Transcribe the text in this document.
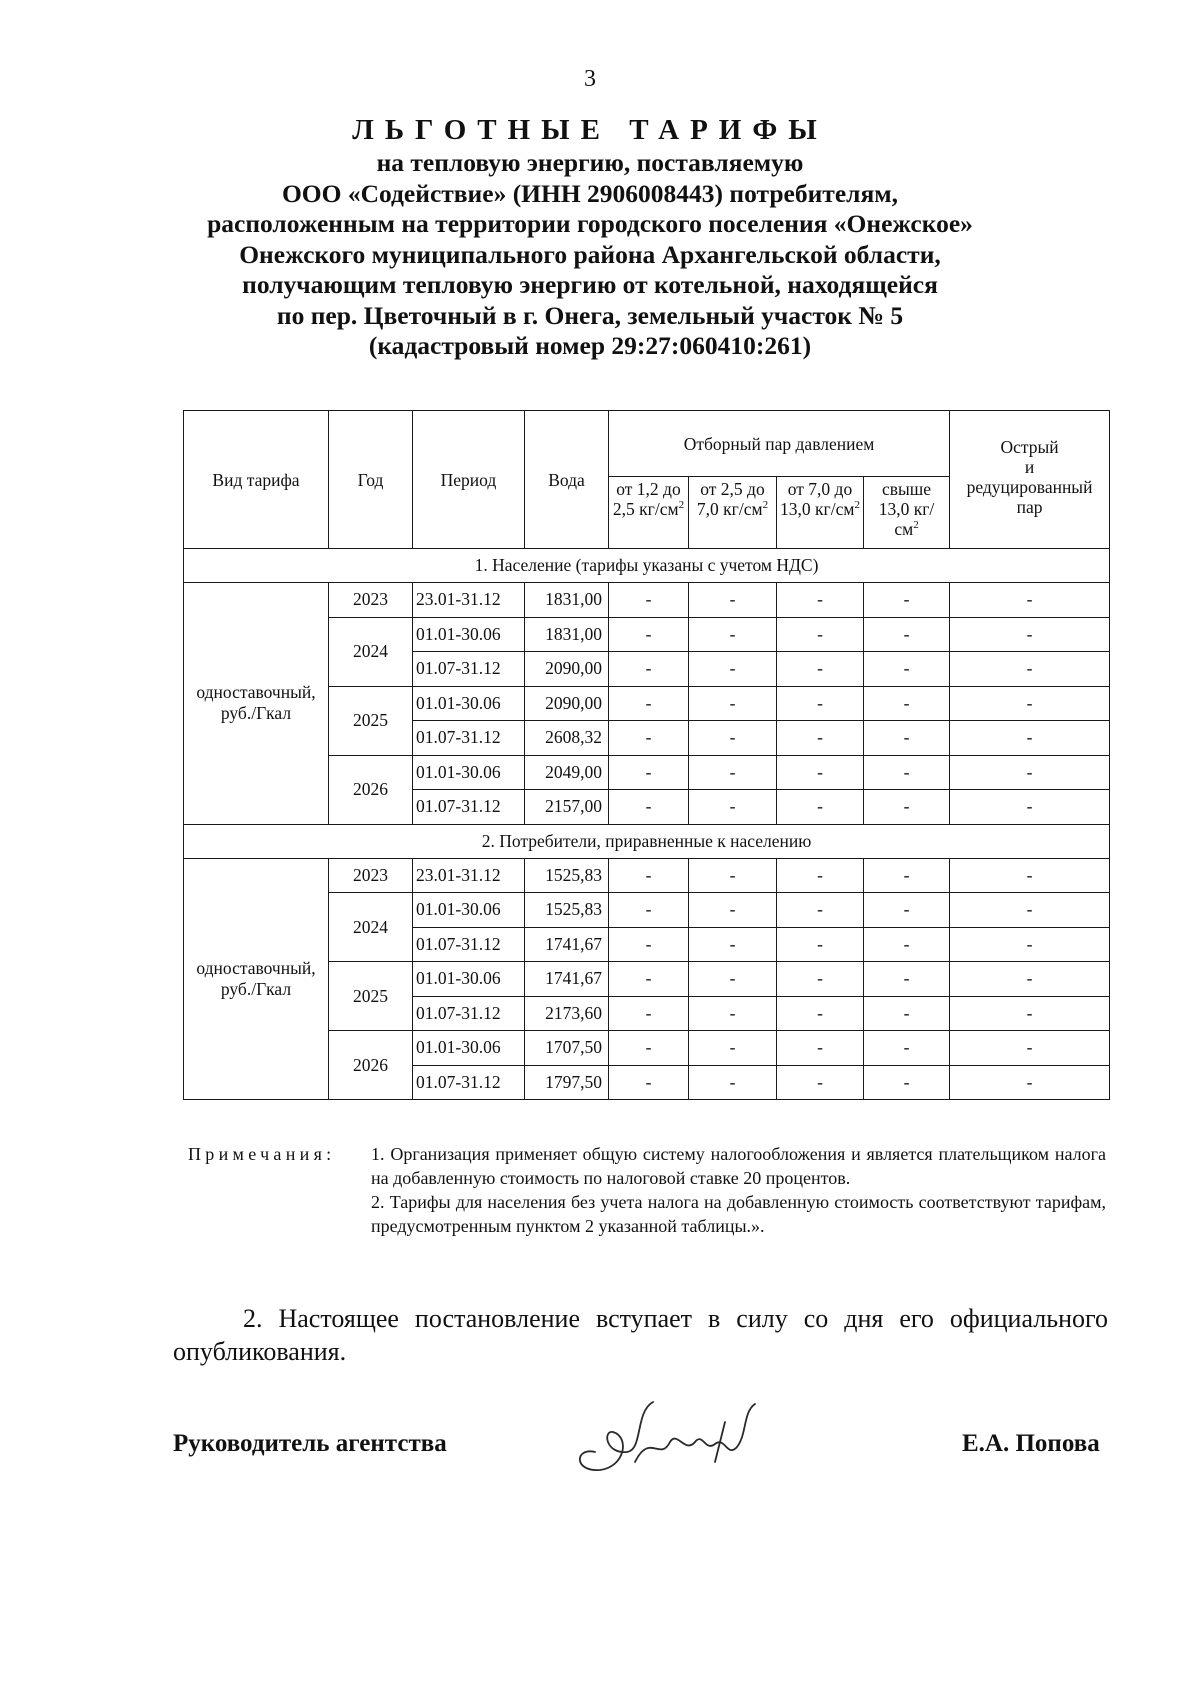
3
ЛЬГОТНЫЕ ТАРИФЫ
на тепловую энергию, поставляемую
ООО «Содействие» (ИНН 2906008443) потребителям,
расположенным на территории городского поселения «Онежское»
Онежского муниципального района Архангельской области,
получающим тепловую энергию от котельной, находящейся
по пер. Цветочный в г. Онега, земельный участок № 5
(кадастровый номер 29:27:060410:261)
Вид тарифа	Год	Период	Вода	Отборный пар давлением				Острый
и
редуцированный пар

				от 1,2 до 2,5 $кг/см^2$	от 2,5 до 7,0 $кг/см^2$	от 7,0 до 13,0 $кг/см^2$	свыше 13,0 $кг/см^2$
1. Население (тарифы указаны с учетом НДС)								
одноставочный, руб./Гкал	2023	23.01-31.12	1831,00	-	-	-	-	-
	2024	01.01-30.06	1831,00	-	-	-	-	-
		01.07-31.12	2090,00	-	-	-	-	-
	2025	01.01-30.06	2090,00	-	-	-	-	-
		01.07-31.12	2608,32	-	-	-	-	-
	2026	01.01-30.06	2049,00	-	-	-	-	-
		01.07-31.12	2157,00	-	-	-	-	-
2. Потребители, приравненные к населению								
одноставочный, руб./Гкал	2023	23.01-31.12	1525,83	-	-	-	-	-
	2024	01.01-30.06	1525,83	-	-	-	-	-
		01.07-31.12	1741,67	-	-	-	-	-
	2025	01.01-30.06	1741,67	-	-	-	-	-
		01.07-31.12	2173,60	-	-	-	-	-
	2026	01.01-30.06	1707,50	-	-	-	-	-
		01.07-31.12	1797,50	-	-	-	-	-
Примечания: 1. Организация применяет общую систему налогообложения и является плательщиком налога на добавленную стоимость по налоговой ставке 20 процентов.
2. Тарифы для населения без учета налога на добавленную стоимость соответствуют тарифам, предусмотренным пунктом 2 указанной таблицы.».
2. Настоящее постановление вступает в силу со дня его официального опубликования.
Руководитель агентства	Е.А. Попова
